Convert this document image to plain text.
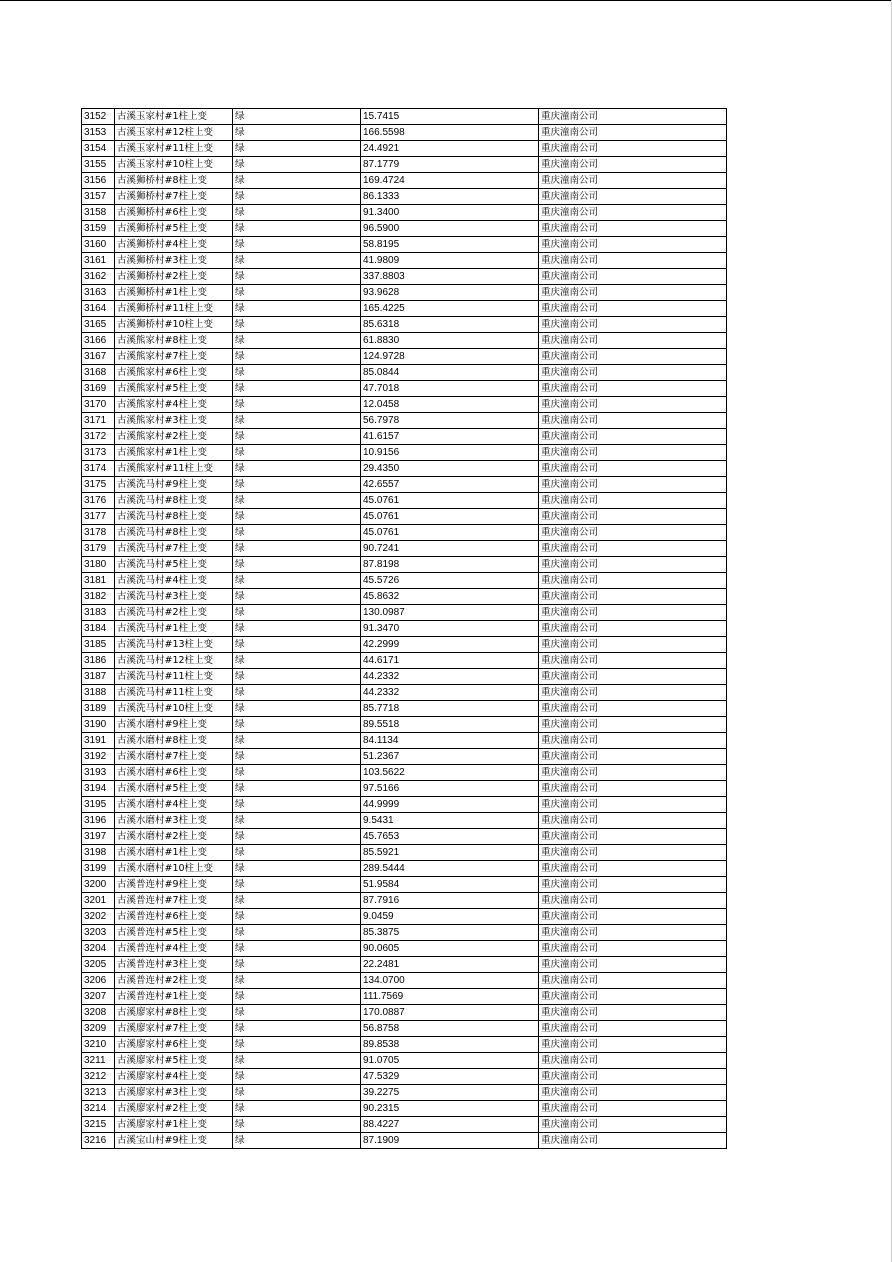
3152	古溪玉家村#1柱上变	绿	15.7415	重庆潼南公司
3153	古溪玉家村#12柱上变	绿	166.5598	重庆潼南公司
3154	古溪玉家村#11柱上变	绿	24.4921	重庆潼南公司
3155	古溪玉家村#10柱上变	绿	87.1779	重庆潼南公司
3156	古溪狮桥村#8柱上变	绿	169.4724	重庆潼南公司
3157	古溪狮桥村#7柱上变	绿	86.1333	重庆潼南公司
3158	古溪狮桥村#6柱上变	绿	91.3400	重庆潼南公司
3159	古溪狮桥村#5柱上变	绿	96.5900	重庆潼南公司
3160	古溪狮桥村#4柱上变	绿	58.8195	重庆潼南公司
3161	古溪狮桥村#3柱上变	绿	41.9809	重庆潼南公司
3162	古溪狮桥村#2柱上变	绿	337.8803	重庆潼南公司
3163	古溪狮桥村#1柱上变	绿	93.9628	重庆潼南公司
3164	古溪狮桥村#11柱上变	绿	165.4225	重庆潼南公司
3165	古溪狮桥村#10柱上变	绿	85.6318	重庆潼南公司
3166	古溪熊家村#8柱上变	绿	61.8830	重庆潼南公司
3167	古溪熊家村#7柱上变	绿	124.9728	重庆潼南公司
3168	古溪熊家村#6柱上变	绿	85.0844	重庆潼南公司
3169	古溪熊家村#5柱上变	绿	47.7018	重庆潼南公司
3170	古溪熊家村#4柱上变	绿	12.0458	重庆潼南公司
3171	古溪熊家村#3柱上变	绿	56.7978	重庆潼南公司
3172	古溪熊家村#2柱上变	绿	41.6157	重庆潼南公司
3173	古溪熊家村#1柱上变	绿	10.9156	重庆潼南公司
3174	古溪熊家村#11柱上变	绿	29.4350	重庆潼南公司
3175	古溪洗马村#9柱上变	绿	42.6557	重庆潼南公司
3176	古溪洗马村#8柱上变	绿	45.0761	重庆潼南公司
3177	古溪洗马村#8柱上变	绿	45.0761	重庆潼南公司
3178	古溪洗马村#8柱上变	绿	45.0761	重庆潼南公司
3179	古溪洗马村#7柱上变	绿	90.7241	重庆潼南公司
3180	古溪洗马村#5柱上变	绿	87.8198	重庆潼南公司
3181	古溪洗马村#4柱上变	绿	45.5726	重庆潼南公司
3182	古溪洗马村#3柱上变	绿	45.8632	重庆潼南公司
3183	古溪洗马村#2柱上变	绿	130.0987	重庆潼南公司
3184	古溪洗马村#1柱上变	绿	91.3470	重庆潼南公司
3185	古溪洗马村#13柱上变	绿	42.2999	重庆潼南公司
3186	古溪洗马村#12柱上变	绿	44.6171	重庆潼南公司
3187	古溪洗马村#11柱上变	绿	44.2332	重庆潼南公司
3188	古溪洗马村#11柱上变	绿	44.2332	重庆潼南公司
3189	古溪洗马村#10柱上变	绿	85.7718	重庆潼南公司
3190	古溪水磨村#9柱上变	绿	89.5518	重庆潼南公司
3191	古溪水磨村#8柱上变	绿	84.1134	重庆潼南公司
3192	古溪水磨村#7柱上变	绿	51.2367	重庆潼南公司
3193	古溪水磨村#6柱上变	绿	103.5622	重庆潼南公司
3194	古溪水磨村#5柱上变	绿	97.5166	重庆潼南公司
3195	古溪水磨村#4柱上变	绿	44.9999	重庆潼南公司
3196	古溪水磨村#3柱上变	绿	9.5431	重庆潼南公司
3197	古溪水磨村#2柱上变	绿	45.7653	重庆潼南公司
3198	古溪水磨村#1柱上变	绿	85.5921	重庆潼南公司
3199	古溪水磨村#10柱上变	绿	289.5444	重庆潼南公司
3200	古溪普连村#9柱上变	绿	51.9584	重庆潼南公司
3201	古溪普连村#7柱上变	绿	87.7916	重庆潼南公司
3202	古溪普连村#6柱上变	绿	9.0459	重庆潼南公司
3203	古溪普连村#5柱上变	绿	85.3875	重庆潼南公司
3204	古溪普连村#4柱上变	绿	90.0605	重庆潼南公司
3205	古溪普连村#3柱上变	绿	22.2481	重庆潼南公司
3206	古溪普连村#2柱上变	绿	134.0700	重庆潼南公司
3207	古溪普连村#1柱上变	绿	111.7569	重庆潼南公司
3208	古溪廖家村#8柱上变	绿	170.0887	重庆潼南公司
3209	古溪廖家村#7柱上变	绿	56.8758	重庆潼南公司
3210	古溪廖家村#6柱上变	绿	89.8538	重庆潼南公司
3211	古溪廖家村#5柱上变	绿	91.0705	重庆潼南公司
3212	古溪廖家村#4柱上变	绿	47.5329	重庆潼南公司
3213	古溪廖家村#3柱上变	绿	39.2275	重庆潼南公司
3214	古溪廖家村#2柱上变	绿	90.2315	重庆潼南公司
3215	古溪廖家村#1柱上变	绿	88.4227	重庆潼南公司
3216	古溪宝山村#9柱上变	绿	87.1909	重庆潼南公司
